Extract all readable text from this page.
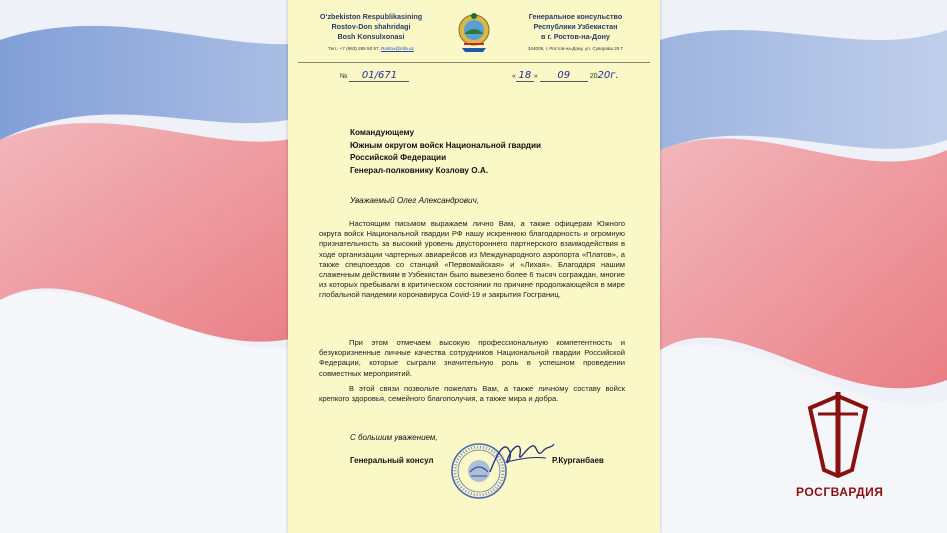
O‘zbekiston Respublikasining
Rostov-Don shahridagi
Bosh Konsulxonasi
Тел.: +7 (863) 285 50 57, Rostov@mfa.uz
Генеральное консульство
Республики Узбекистан
в г. Ростов-на-Дону
344006, г. Ростов-на-Дону, ул. Суворова 28 Г
№ 01/671	« 18 » 09	2020г.
Командующему
Южным округом войск Национальной гвардии
Российской Федерации
Генерал-полковнику Козлову О.А.
Уважаемый Олег Александрович,

Настоящим письмом выражаем лично Вам, а также офицерам Южного округа войск Национальной гвардии РФ нашу искреннюю благодарность и огромную признательность за высокий уровень двустороннего партнерского взаимодействия в ходе организации чартерных авиарейсов из Международного аэропорта «Платов», а также спецпоездов со станций «Первомайская» и «Лихая». Благодаря нашим слаженным действиям в Узбекистан было вывезено более 6 тысяч сограждан, многие из которых пребывали в критическом состоянии по причине продолжающейся в мире глобальной пандемии коронавируса Covid-19 и закрытия Госграниц.

При этом отмечаем высокую профессиональную компетентность и безукоризненные личные качества сотрудников Национальной гвардии Российской Федерации, которые сыграли значительную роль в успешном проведении совместных мероприятий.

В этой связи позвольте пожелать Вам, а также личному составу войск крепкого здоровья, семейного благополучия, а также мира и добра.

С большим уважением,
Генеральный консул	Р.Курганбаев
РОСГВАРДИЯ
